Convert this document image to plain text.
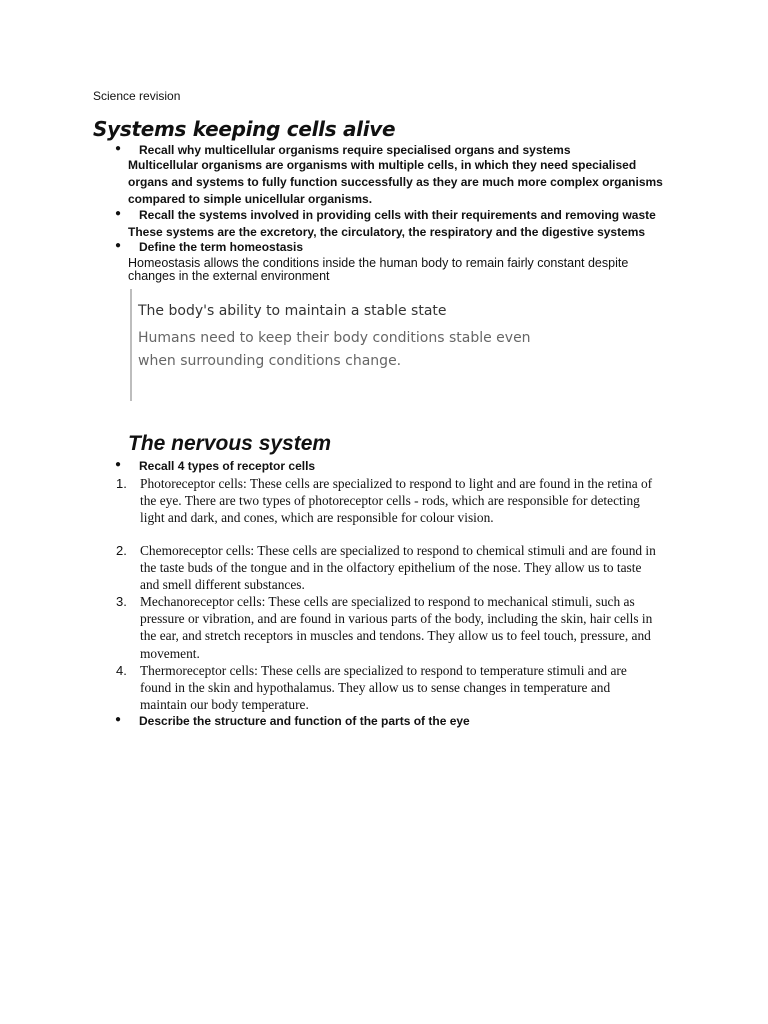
Science revision
Systems keeping cells alive
● Recall why multicellular organisms require specialised organs and systems
Multicellular organisms are organisms with multiple cells, in which they need specialised organs and systems to fully function successfully as they are much more complex organisms compared to simple unicellular organisms.
● Recall the systems involved in providing cells with their requirements and removing waste
These systems are the excretory, the circulatory, the respiratory and the digestive systems
● Define the term homeostasis
Homeostasis allows the conditions inside the human body to remain fairly constant despite changes in the external environment
The body's ability to maintain a stable state
Humans need to keep their body conditions stable even when surrounding conditions change.
The nervous system
● Recall 4 types of receptor cells
1. Photoreceptor cells: These cells are specialized to respond to light and are found in the retina of the eye. There are two types of photoreceptor cells - rods, which are responsible for detecting light and dark, and cones, which are responsible for colour vision.
2. Chemoreceptor cells: These cells are specialized to respond to chemical stimuli and are found in the taste buds of the tongue and in the olfactory epithelium of the nose. They allow us to taste and smell different substances.
3. Mechanoreceptor cells: These cells are specialized to respond to mechanical stimuli, such as pressure or vibration, and are found in various parts of the body, including the skin, hair cells in the ear, and stretch receptors in muscles and tendons. They allow us to feel touch, pressure, and movement.
4. Thermoreceptor cells: These cells are specialized to respond to temperature stimuli and are found in the skin and hypothalamus. They allow us to sense changes in temperature and maintain our body temperature.
● Describe the structure and function of the parts of the eye
